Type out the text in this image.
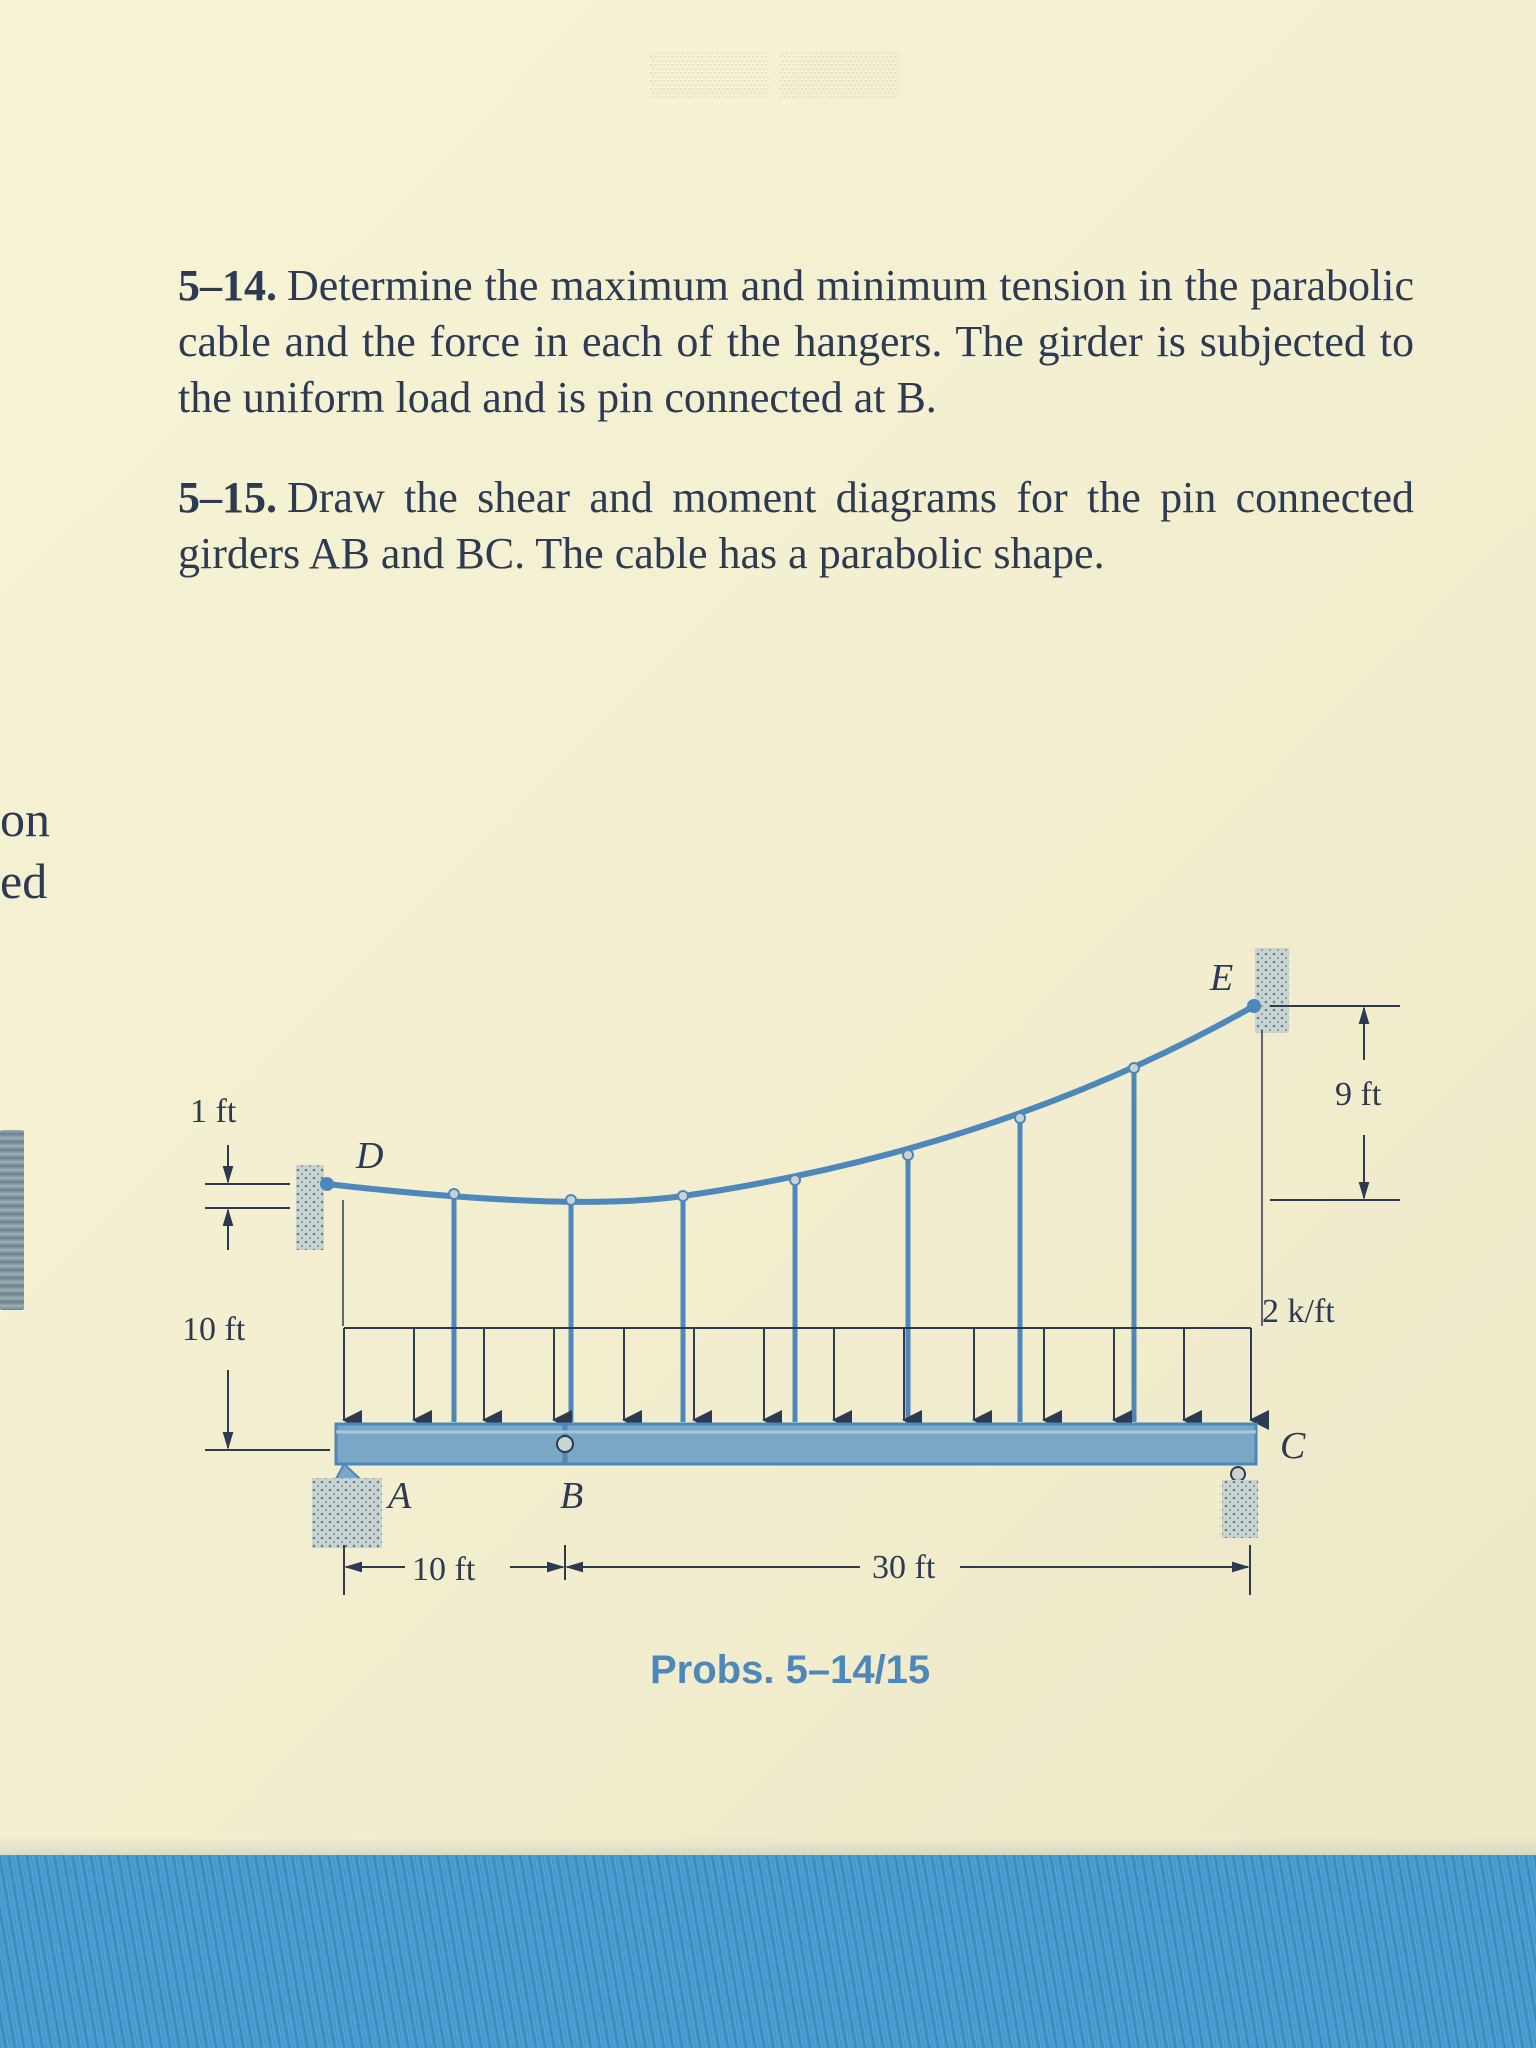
▒▒▒▒ ▒▒▒▒
5–14. Determine the maximum and minimum tension in the parabolic cable and the force in each of the hangers. The girder is subjected to the uniform load and is pin connected at B.
5–15. Draw the shear and moment diagrams for the pin connected girders AB and BC. The cable has a parabolic shape.
on
ed
1 ft
10 ft
9 ft
2 k/ft
10 ft	30 ft
D
E
A	B
C
Probs. 5–14/15
